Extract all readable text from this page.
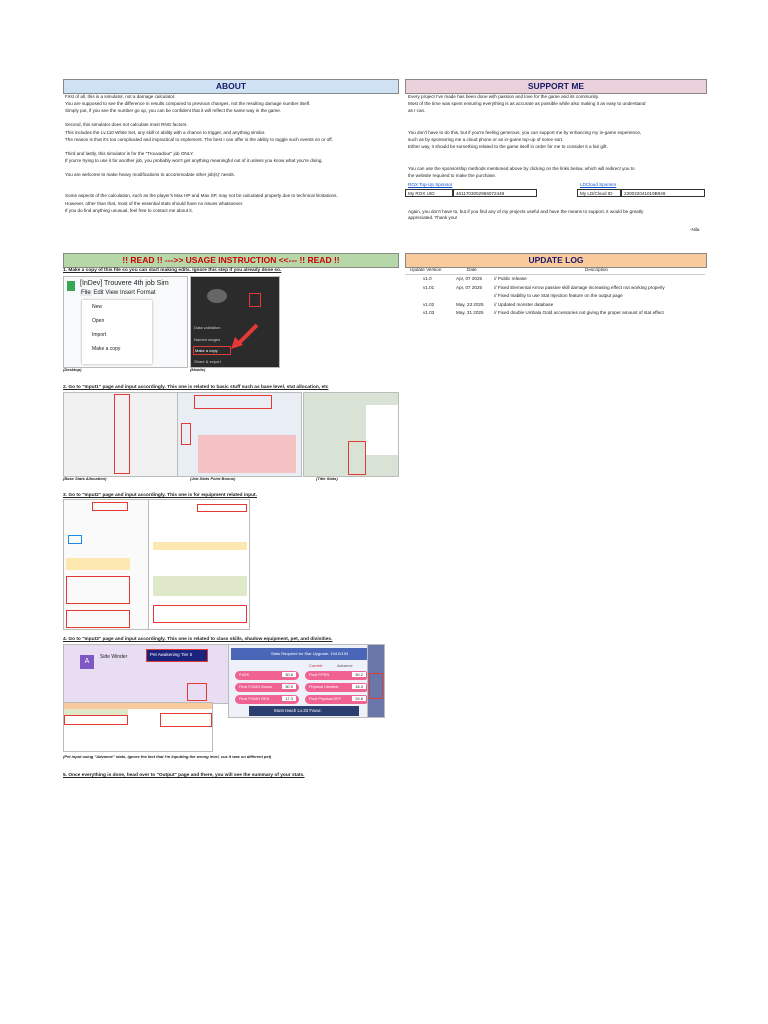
ABOUT
First of all, this is a simulator, not a damage calculator.
You are supposed to see the difference in results compared to previous changes, not the resulting damage number itself.
Simply put, if you see the number go up, you can be confident that it will reflect the same way in the game.
Second, this simulator does not calculate most RNG factors.
This includes the Lv.110 White Set, any skill or ability with a chance to trigger, and anything similar.
The reason is that it's too complicated and impractical to implement. The best I can offer is the ability to toggle such events on or off.
Third and lastly, this simulator is for the "Trouvadour" job ONLY.
If you're trying to use it for another job, you probably won't get anything meaningful out of it unless you know what you're doing.
You are welcome to make heavy modifications to accommodate other job(s)' needs.
Some aspects of the calculation, such as the player's Max HP and Max SP, may not be calculated properly due to technical limitations.
However, other than that, most of the essential stats should have no issues whatsoever.
If you do find anything unusual, feel free to contact me about it.
SUPPORT ME
Every project I've made has been done with passion and love for the game and its community.
Most of the time was spent ensuring everything is as accurate as possible while also making it as easy to understand
as I can.
You don't have to do this, but if you're feeling generous, you can support me by enhancing my in-game experience,
such as by sponsoring me a cloud phone or an in-game top-up of some sort.
Either way, it should be something related to the game itself in order for me to consider it a fair gift.
You can use the sponsorship methods mentioned above by clicking on the links below, which will redirect you to
the website required to make the purchase.
ROX Top-Up Sponsor	LDCloud Sponsor
My ROX UID	4611703052956072449	My LD/Cloud ID	230022041019B949
Again, you don't have to, but if you find any of my projects useful and have the means to support, it would be greatly
appreciated. Thank you!
-Nila
!! READ !! --->> USAGE INSTRUCTION <<--- !! READ !!
1. Make a copy of this file so you can start making edits. Ignore this step if you already done so.
[InDev] Trouvere 4th job Sim
File Edit View Insert Format
New
Open
Import
Make a copy
Data validation
Named ranges
Make a copy
Share & export
(Desktop)	(Mobile)
2. Go to "Input1" page and input accordingly. This one is related to basic stuff such as base level, stat allocation, etc
(Base Stats Allocation)	(Job Stats Point Bonus)	(Title Stats)
3. Go to "Input2" page and input accordingly. This one is for equipment related input.
4. Go to "Input3" page and input accordingly. This one is related to class skills, shadow equipment, pet, and divinities.
A
Side Winder	Pet Awakening Tier 5	Stats Required for Star Upgrade: 104.0/193
Current	Advance
P.ATK	30.6	Final P.PEN	30.2
Final P.DMG Bonus	30.9	Physical Lifesteal	18.3
Final P.DMG RED	17.3	Final Physical DEF	33.6
Must reach Lv.33 Favor.
(Pet input using "Advance" stats, ignore the fact that I'm inputting the wrong level, cuz it was on different pet)
5. Once everything is done, head over to "Output" page and there, you will see the summary of your stats.
UPDATE LOG
Update Version	Date	Description
v1.0	Apr, 07 2025	// Public release
v1.01	Apr, 07 2025	// Fixed Elemental Arrow passive skill damage increasing effect not working properly
// Fixed Inability to use Stat Injection feature on the output page
v1.02	May, 23 2025 // Updated monster database
v1.03	May, 31 2025 // Fixed double Umbala Gold accessories not giving the proper amount of stat effect
